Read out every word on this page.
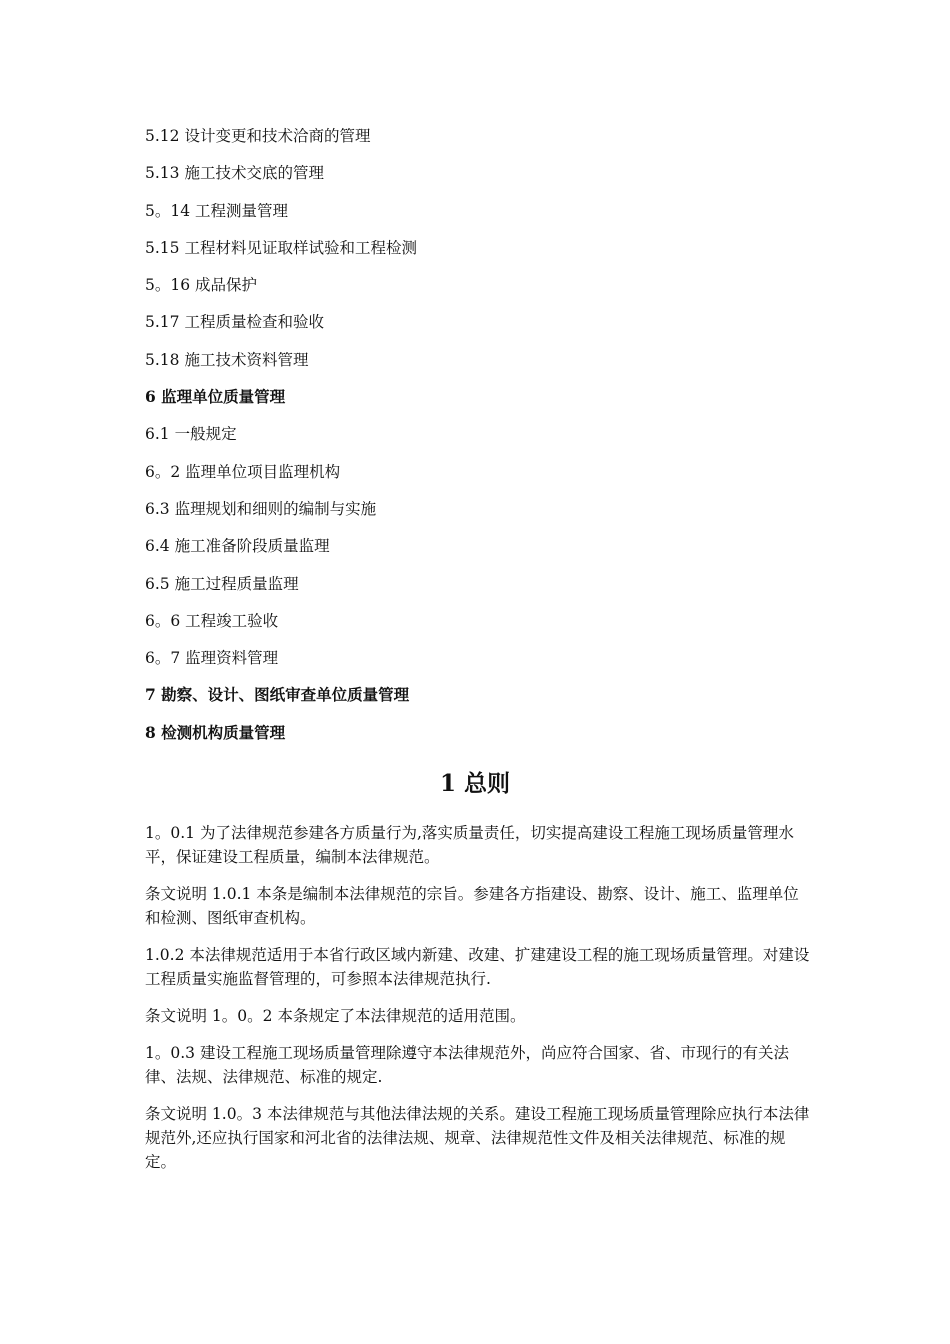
5.12 设计变更和技术洽商的管理
5.13 施工技术交底的管理
5。14 工程测量管理
5.15 工程材料见证取样试验和工程检测
5。16 成品保护
5.17 工程质量检查和验收
5.18 施工技术资料管理
6 监理单位质量管理
6.1 一般规定
6。2 监理单位项目监理机构
6.3 监理规划和细则的编制与实施
6.4 施工准备阶段质量监理
6.5 施工过程质量监理
6。6 工程竣工验收
6。7 监理资料管理
7 勘察、设计、图纸审查单位质量管理
8 检测机构质量管理
1 总则

1。0.1 为了法律规范参建各方质量行为,落实质量责任，切实提高建设工程施工现场质量管理水平，保证建设工程质量，编制本法律规范。

条文说明 1.0.1 本条是编制本法律规范的宗旨。参建各方指建设、勘察、设计、施工、监理单位和检测、图纸审查机构。

1.0.2 本法律规范适用于本省行政区域内新建、改建、扩建建设工程的施工现场质量管理。对建设工程质量实施监督管理的，可参照本法律规范执行.

条文说明 1。0。2 本条规定了本法律规范的适用范围。

1。0.3 建设工程施工现场质量管理除遵守本法律规范外，尚应符合国家、省、市现行的有关法律、法规、法律规范、标准的规定.

条文说明 1.0。3 本法律规范与其他法律法规的关系。建设工程施工现场质量管理除应执行本法律规范外,还应执行国家和河北省的法律法规、规章、法律规范性文件及相关法律规范、标准的规定。
